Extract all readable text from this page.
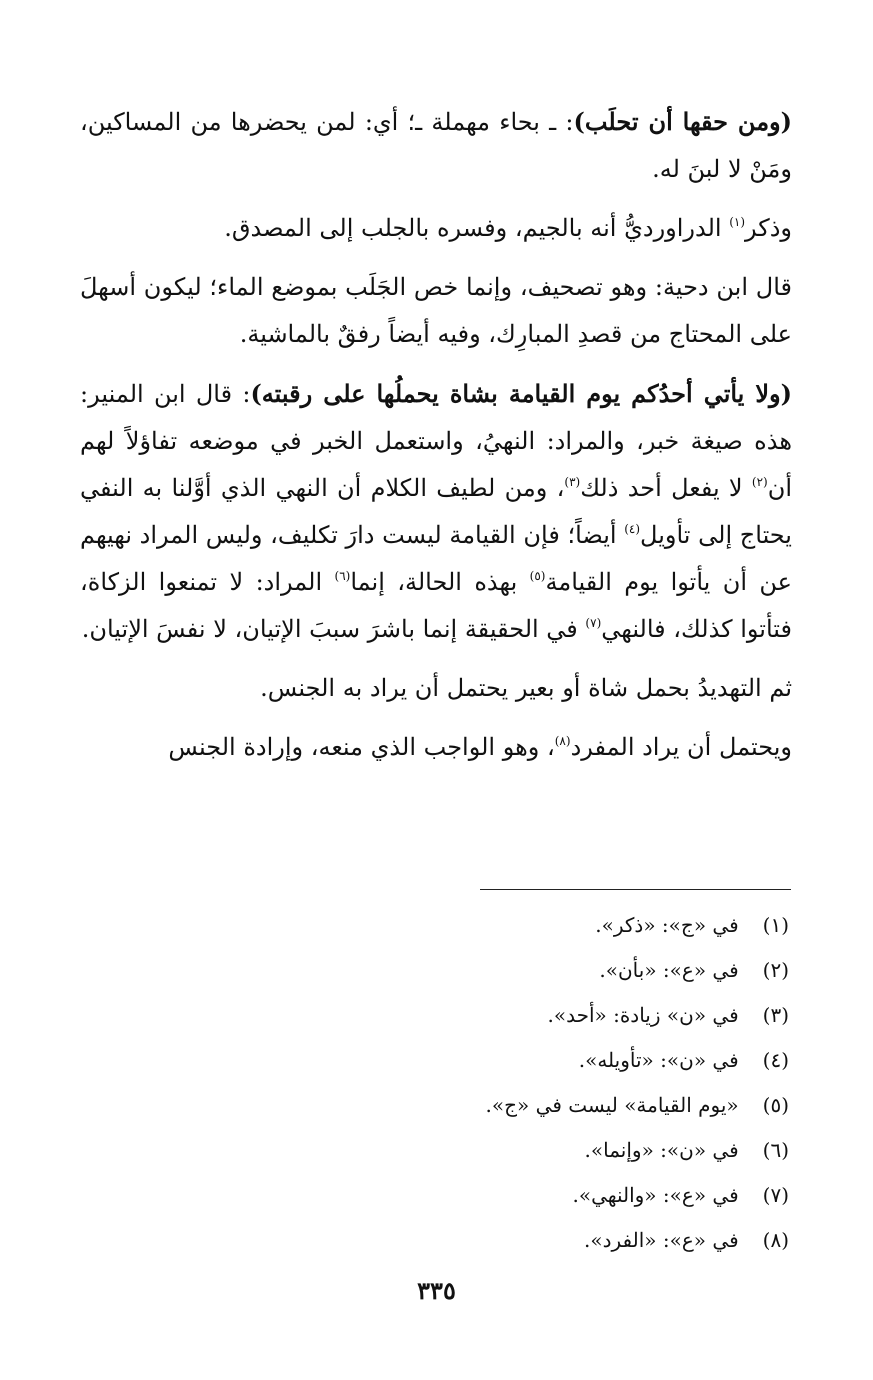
(ومن حقها أن تحلَب): ـ بحاء مهملة ـ؛ أي: لمن يحضرها من المساكين، ومَنْ لا لبنَ له.

وذكر$^{(١)}$ الدراورديُّ أنه بالجيم، وفسره بالجلب إلى المصدق.

قال ابن دحية: وهو تصحيف، وإنما خص الجَلَب بموضع الماء؛ ليكون أسهلَ على المحتاج من قصدِ المبارِك، وفيه أيضاً رفقٌ بالماشية.

(ولا يأتي أحدُكم يوم القيامة بشاة يحملُها على رقبته): قال ابن المنير: هذه صيغة خبر، والمراد: النهيُ، واستعمل الخبر في موضعه تفاؤلاً لهم أن$^{(٢)}$ لا يفعل أحد ذلك$^{(٣)}$، ومن لطيف الكلام أن النهي الذي أوَّلنا به النفي يحتاج إلى تأويل$^{(٤)}$ أيضاً؛ فإن القيامة ليست دارَ تكليف، وليس المراد نهيهم عن أن يأتوا يوم القيامة$^{(٥)}$ بهذه الحالة، إنما$^{(٦)}$ المراد: لا تمنعوا الزكاة، فتأتوا كذلك، فالنهي$^{(٧)}$ في الحقيقة إنما باشرَ سببَ الإتيان، لا نفسَ الإتيان.

ثم التهديدُ بحمل شاة أو بعير يحتمل أن يراد به الجنس.

ويحتمل أن يراد المفرد$^{(٨)}$، وهو الواجب الذي منعه، وإرادة الجنس

(١) في «ج»: «ذكر».
(٢) في «ع»: «بأن».
(٣) في «ن» زيادة: «أحد».
(٤) في «ن»: «تأويله».
(٥) «يوم القيامة» ليست في «ج».
(٦) في «ن»: «وإنما».
(٧) في «ع»: «والنهي».
(٨) في «ع»: «الفرد».
٣٣٥
